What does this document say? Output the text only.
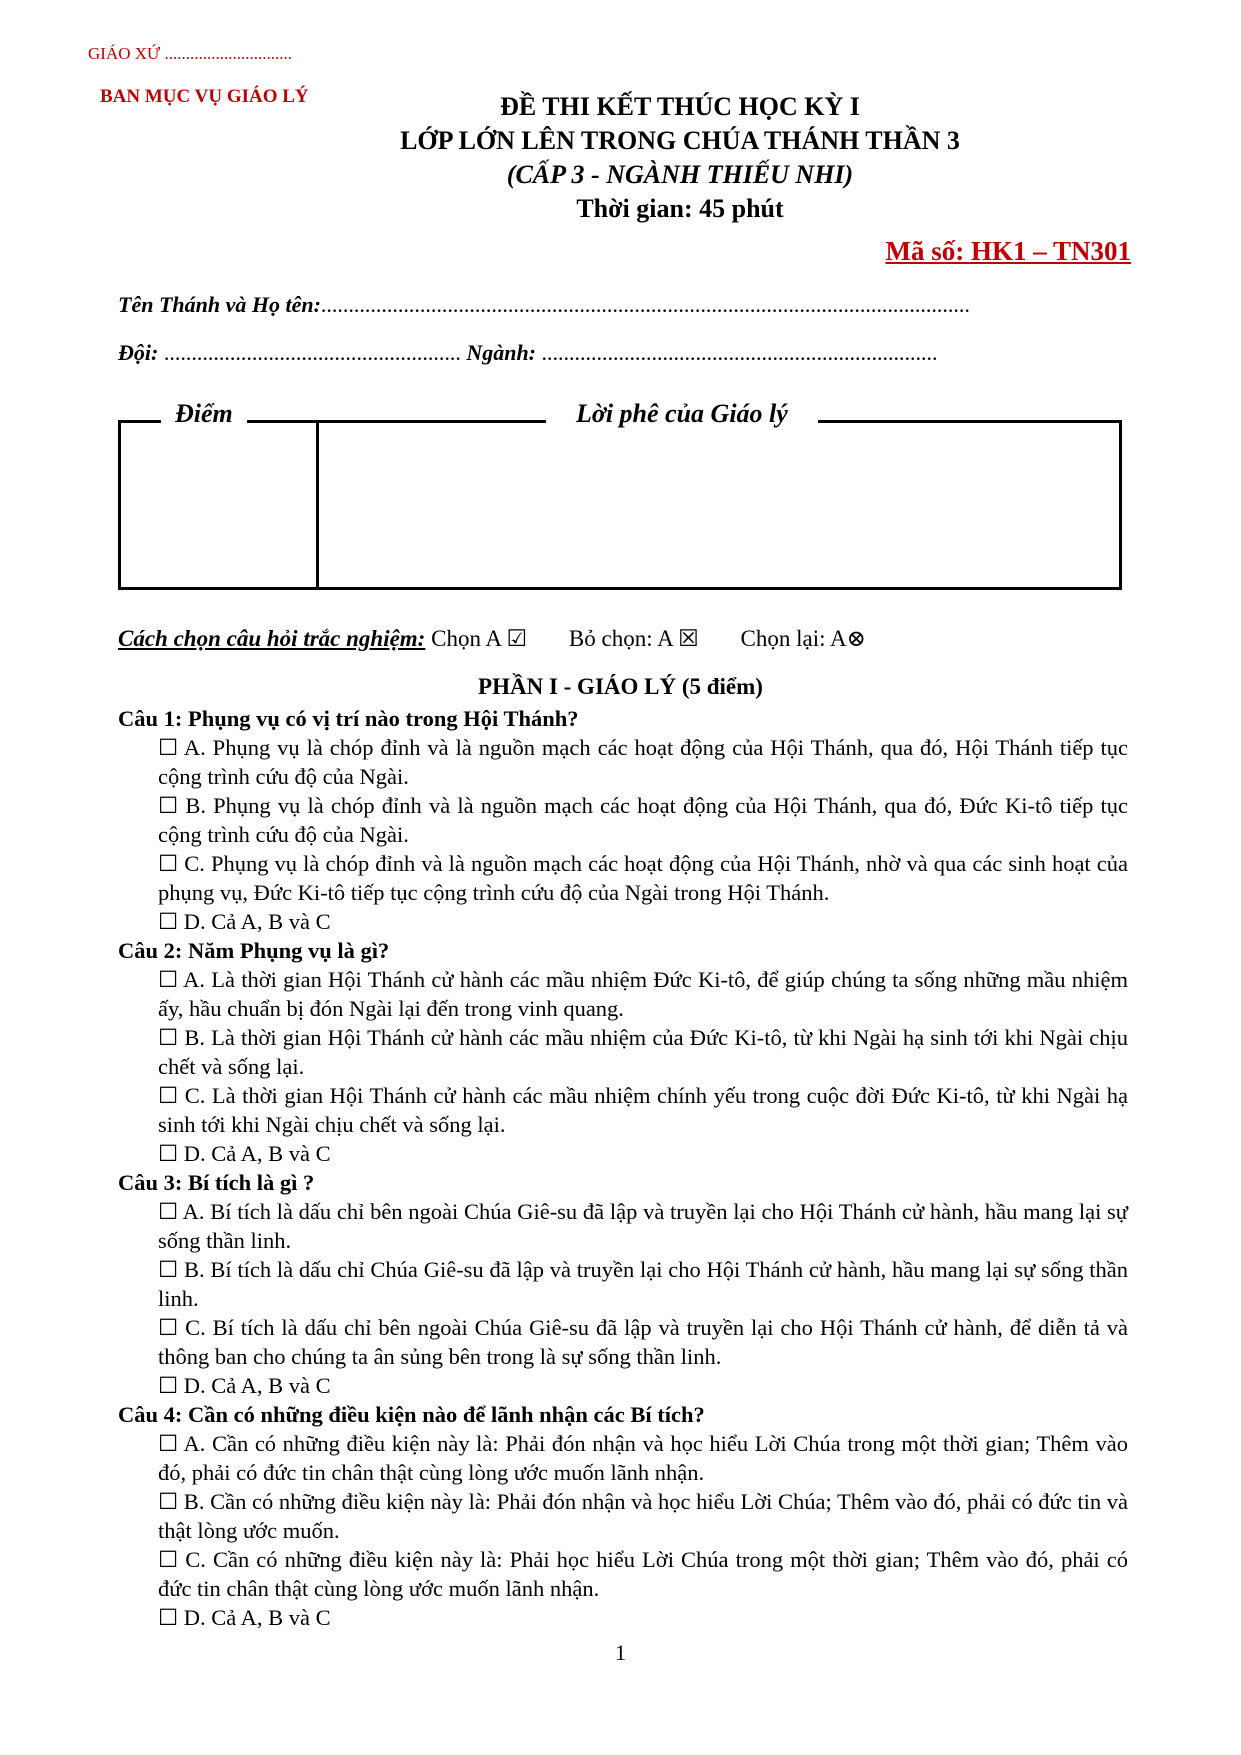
GIÁO XỨ ..............................
BAN MỤC VỤ GIÁO LÝ	ĐỀ THI KẾT THÚC HỌC KỲ I
LỚP LỚN LÊN TRONG CHÚA THÁNH THẦN 3
(CẤP 3 - NGÀNH THIẾU NHI)
Thời gian: 45 phút
Mã số: HK1 – TN301
Tên Thánh và Họ tên:......................................................................................................................
Đội: ...................................................... Ngành: ........................................................................
Điểm	Lời phê của Giáo lý
Cách chọn câu hỏi trắc nghiệm: Chọn A ☑ Bỏ chọn: A ☒ Chọn lại: A⊗
PHẦN I - GIÁO LÝ (5 điểm)
Câu 1: Phụng vụ có vị trí nào trong Hội Thánh?
☐ A. Phụng vụ là chóp đỉnh và là nguồn mạch các hoạt động của Hội Thánh, qua đó, Hội Thánh tiếp tục cộng trình cứu độ của Ngài.
☐ B. Phụng vụ là chóp đỉnh và là nguồn mạch các hoạt động của Hội Thánh, qua đó, Đức Ki-tô tiếp tục cộng trình cứu độ của Ngài.
☐ C. Phụng vụ là chóp đỉnh và là nguồn mạch các hoạt động của Hội Thánh, nhờ và qua các sinh hoạt của phụng vụ, Đức Ki-tô tiếp tục cộng trình cứu độ của Ngài trong Hội Thánh.
☐ D. Cả A, B và C
Câu 2: Năm Phụng vụ là gì?
☐ A. Là thời gian Hội Thánh cử hành các mầu nhiệm Đức Ki-tô, để giúp chúng ta sống những mầu nhiệm ấy, hầu chuẩn bị đón Ngài lại đến trong vinh quang.
☐ B. Là thời gian Hội Thánh cử hành các mầu nhiệm của Đức Ki-tô, từ khi Ngài hạ sinh tới khi Ngài chịu chết và sống lại.
☐ C. Là thời gian Hội Thánh cử hành các mầu nhiệm chính yếu trong cuộc đời Đức Ki-tô, từ khi Ngài hạ sinh tới khi Ngài chịu chết và sống lại.
☐ D. Cả A, B và C
Câu 3: Bí tích là gì ?
☐ A. Bí tích là dấu chỉ bên ngoài Chúa Giê-su đã lập và truyền lại cho Hội Thánh cử hành, hầu mang lại sự sống thần linh.
☐ B. Bí tích là dấu chỉ Chúa Giê-su đã lập và truyền lại cho Hội Thánh cử hành, hầu mang lại sự sống thần linh.
☐ C. Bí tích là dấu chỉ bên ngoài Chúa Giê-su đã lập và truyền lại cho Hội Thánh cử hành, để diễn tả và thông ban cho chúng ta ân sủng bên trong là sự sống thần linh.
☐ D. Cả A, B và C
Câu 4: Cần có những điều kiện nào để lãnh nhận các Bí tích?
☐ A. Cần có những điều kiện này là: Phải đón nhận và học hiểu Lời Chúa trong một thời gian; Thêm vào đó, phải có đức tin chân thật cùng lòng ước muốn lãnh nhận.
☐ B. Cần có những điều kiện này là: Phải đón nhận và học hiểu Lời Chúa; Thêm vào đó, phải có đức tin và thật lòng ước muốn.
☐ C. Cần có những điều kiện này là: Phải học hiểu Lời Chúa trong một thời gian; Thêm vào đó, phải có đức tin chân thật cùng lòng ước muốn lãnh nhận.
☐ D. Cả A, B và C
1
